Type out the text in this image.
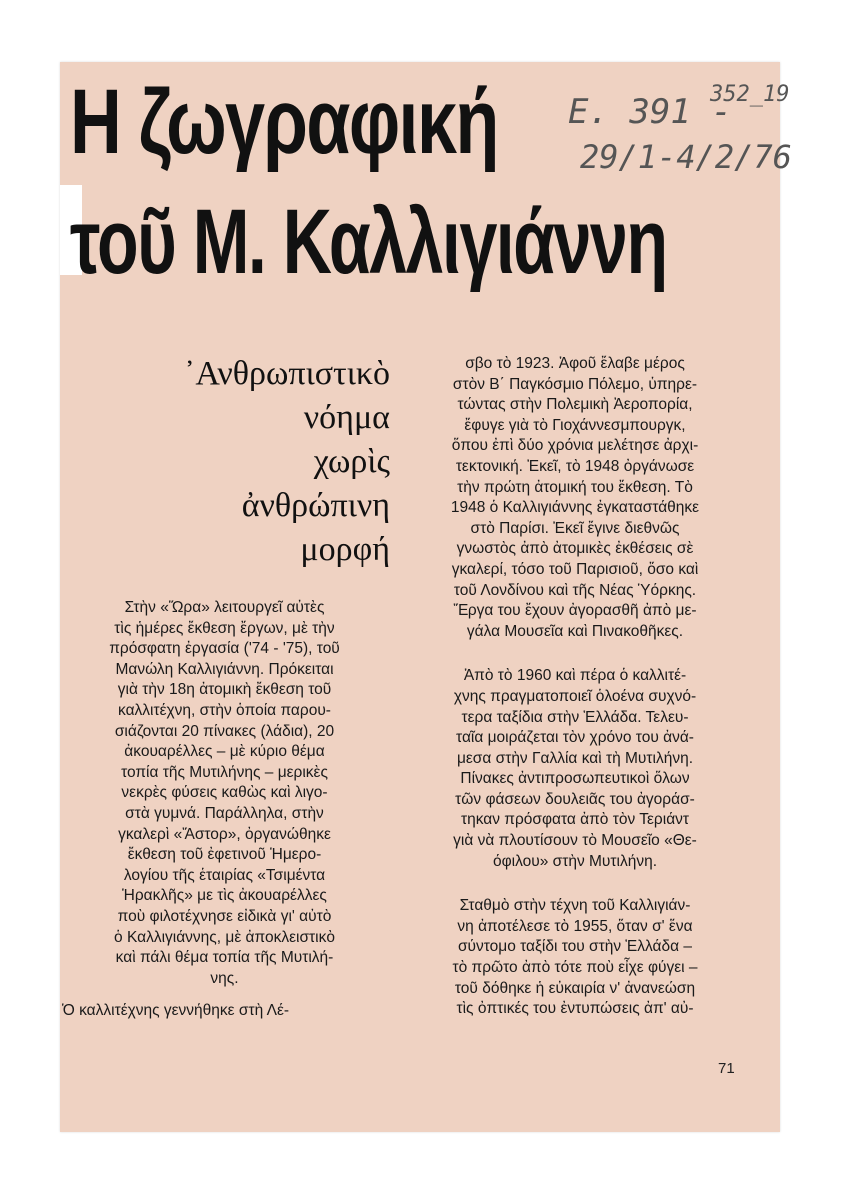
Η ζωγραφική
τοῦ Μ. Καλλιγιάννη
Ε. 391 -
352_19
29/1-4/2/76
᾿Ανθρωπιστικὸ
νόημα
χωρὶς
ἀνθρώπινη
μορφή

Στὴν «Ὥρα» λειτουργεῖ αὐτὲς
τὶς ἡμέρες ἔκθεση ἔργων, μὲ τὴν
πρόσφατη ἐργασία ('74 - '75), τοῦ
Μανώλη Καλλιγιάννη. Πρόκειται
γιὰ τὴν 18η ἀτομικὴ ἔκθεση τοῦ
καλλιτέχνη, στὴν ὁποία παρου-
σιάζονται 20 πίνακες (λάδια), 20
ἀκουαρέλλες – μὲ κύριο θέμα
τοπία τῆς Μυτιλήνης – μερικὲς
νεκρὲς φύσεις καθὼς καὶ λιγο-
στὰ γυμνά. Παράλληλα, στὴν
γκαλερὶ «Ἄστορ», ὀργανώθηκε
ἔκθεση τοῦ ἐφετινοῦ Ἡμερο-
λογίου τῆς ἑταιρίας «Τσιμέντα
Ἡρακλῆς» με τὶς ἀκουαρέλλες
ποὺ φιλοτέχνησε εἰδικὰ γι' αὐτὸ
ὁ Καλλιγιάννης, μὲ ἀποκλειστικὸ
καὶ πάλι θέμα τοπία τῆς Μυτιλή-
νης.

Ὁ καλλιτέχνης γεννήθηκε στὴ Λέ-

σβο τὸ 1923. Ἀφοῦ ἔλαβε μέρος
στὸν Β΄ Παγκόσμιο Πόλεμο, ὑπηρε-
τώντας στὴν Πολεμικὴ Ἀεροπορία,
ἔφυγε γιὰ τὸ Γιοχάννεσμπουργκ,
ὅπου ἐπὶ δύο χρόνια μελέτησε ἀρχι-
τεκτονική. Ἐκεῖ, τὸ 1948 ὀργάνωσε
τὴν πρώτη ἀτομική του ἔκθεση. Τὸ
1948 ὁ Καλλιγιάννης ἐγκαταστάθηκε
στὸ Παρίσι. Ἐκεῖ ἔγινε διεθνῶς
γνωστὸς ἀπὸ ἀτομικὲς ἐκθέσεις σὲ
γκαλερί, τόσο τοῦ Παρισιοῦ, ὅσο καὶ
τοῦ Λονδίνου καὶ τῆς Νέας Ὑόρκης.
Ἔργα του ἔχουν ἀγορασθῆ ἀπὸ με-
γάλα Μουσεῖα καὶ Πινακοθῆκες.

Ἀπὸ τὸ 1960 καὶ πέρα ὁ καλλιτέ-
χνης πραγματοποιεῖ ὁλοένα συχνό-
τερα ταξίδια στὴν Ἑλλάδα. Τελευ-
ταῖα μοιράζεται τὸν χρόνο του ἀνά-
μεσα στὴν Γαλλία καὶ τὴ Μυτιλήνη.
Πίνακες ἀντιπροσωπευτικοὶ ὅλων
τῶν φάσεων δουλειᾶς του ἀγοράσ-
τηκαν πρόσφατα ἀπὸ τὸν Τεριάντ
γιὰ νὰ πλουτίσουν τὸ Μουσεῖο «Θε-
όφιλου» στὴν Μυτιλήνη.

Σταθμὸ στὴν τέχνη τοῦ Καλλιγιάν-
νη ἀποτέλεσε τὸ 1955, ὅταν σ' ἕνα
σύντομο ταξίδι του στὴν Ἑλλάδα –
τὸ πρῶτο ἀπὸ τότε ποὺ εἶχε φύγει –
τοῦ δόθηκε ἡ εὐκαιρία ν' ἀνανεώση
τὶς ὀπτικές του ἐντυπώσεις ἀπ' αὐ-

71
